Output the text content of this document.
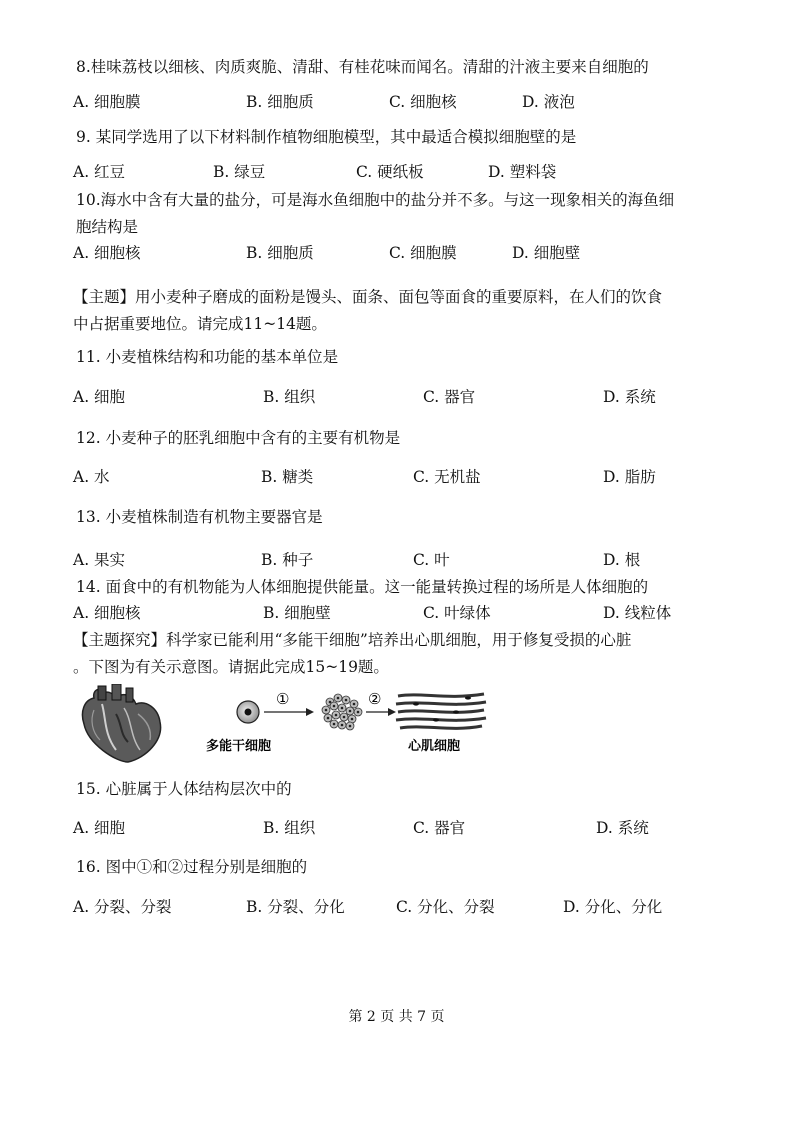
8.桂味荔枝以细核、肉质爽脆、清甜、有桂花味而闻名。清甜的汁液主要来自细胞的
A. 细胞膜	B. 细胞质	C. 细胞核	D. 液泡
9. 某同学选用了以下材料制作植物细胞模型，其中最适合模拟细胞壁的是
A. 红豆	B. 绿豆	C. 硬纸板	D. 塑料袋
10.海水中含有大量的盐分，可是海水鱼细胞中的盐分并不多。与这一现象相关的海鱼细
胞结构是
A. 细胞核	B. 细胞质	C. 细胞膜	D. 细胞壁
【主题】用小麦种子磨成的面粉是馒头、面条、面包等面食的重要原料，在人们的饮食
中占据重要地位。请完成11~14题。
11. 小麦植株结构和功能的基本单位是
A. 细胞	B. 组织	C. 器官	D. 系统
12. 小麦种子的胚乳细胞中含有的主要有机物是
A. 水	B. 糖类	C. 无机盐	D. 脂肪
13. 小麦植株制造有机物主要器官是
A. 果实	B. 种子	C. 叶	D. 根
14. 面食中的有机物能为人体细胞提供能量。这一能量转换过程的场所是人体细胞的
A. 细胞核	B. 细胞壁	C. 叶绿体	D. 线粒体
【主题探究】科学家已能利用“多能干细胞”培养出心肌细胞，用于修复受损的心脏
。下图为有关示意图。请据此完成15~19题。
①	②
多能干细胞	心肌细胞
15. 心脏属于人体结构层次中的
A. 细胞	B. 组织	C. 器官	D. 系统
16. 图中①和②过程分别是细胞的
A. 分裂、分裂	B. 分裂、分化	C. 分化、分裂	D. 分化、分化
第 2 页 共 7 页
